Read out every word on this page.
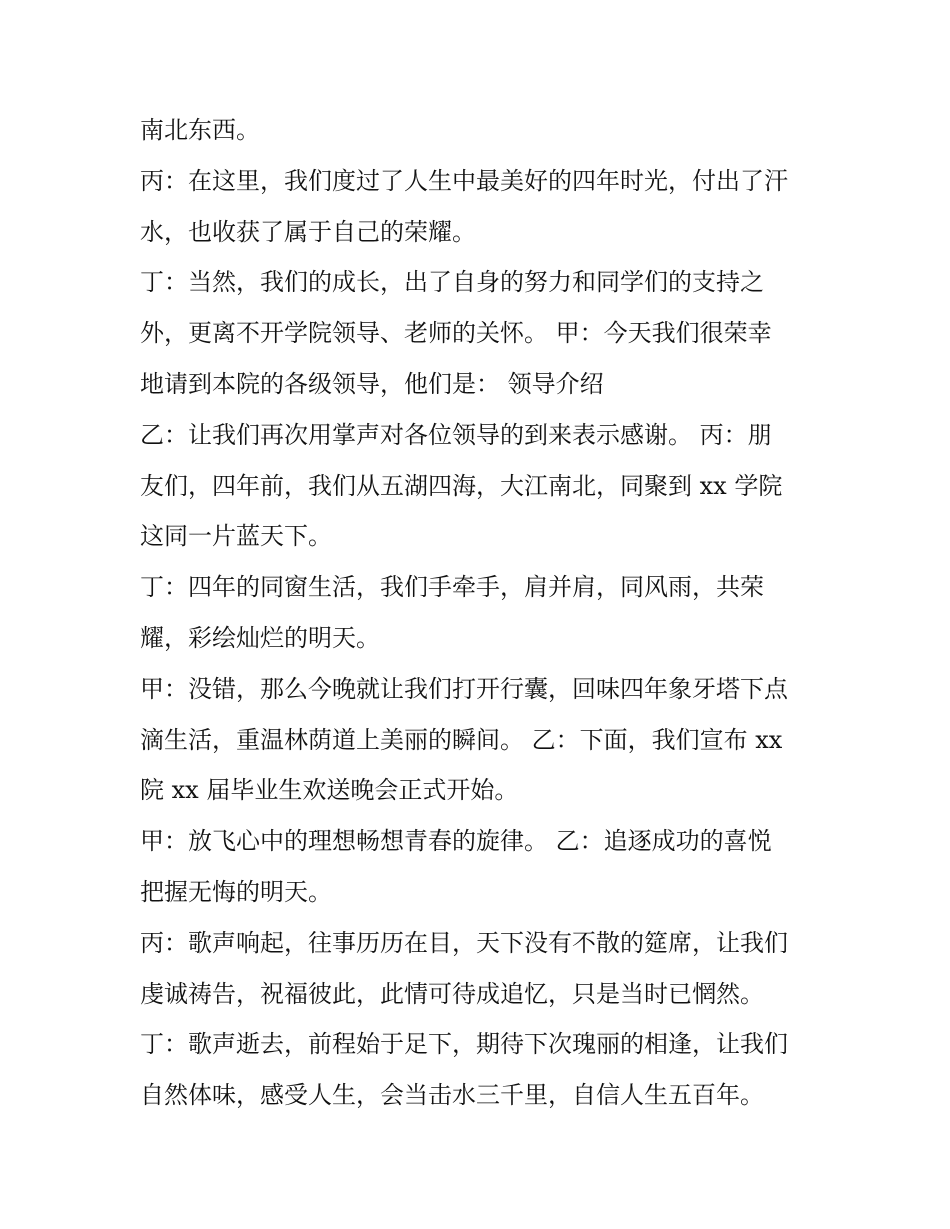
南北东西。
丙：在这里，我们度过了人生中最美好的四年时光，付出了汗
水，也收获了属于自己的荣耀。
丁：当然，我们的成长，出了自身的努力和同学们的支持之
外，更离不开学院领导、老师的关怀。 甲：今天我们很荣幸
地请到本院的各级领导，他们是： 领导介绍
乙：让我们再次用掌声对各位领导的到来表示感谢。 丙：朋
友们，四年前，我们从五湖四海，大江南北，同聚到 xx 学院
这同一片蓝天下。
丁：四年的同窗生活，我们手牵手，肩并肩，同风雨，共荣
耀，彩绘灿烂的明天。
甲：没错，那么今晚就让我们打开行囊，回味四年象牙塔下点
滴生活，重温林荫道上美丽的瞬间。 乙：下面，我们宣布 xx
院 xx 届毕业生欢送晚会正式开始。
甲：放飞心中的理想畅想青春的旋律。 乙：追逐成功的喜悦
把握无悔的明天。
丙：歌声响起，往事历历在目，天下没有不散的筵席，让我们
虔诚祷告，祝福彼此，此情可待成追忆，只是当时已惘然。
丁：歌声逝去，前程始于足下，期待下次瑰丽的相逢，让我们
自然体味，感受人生，会当击水三千里，自信人生五百年。
